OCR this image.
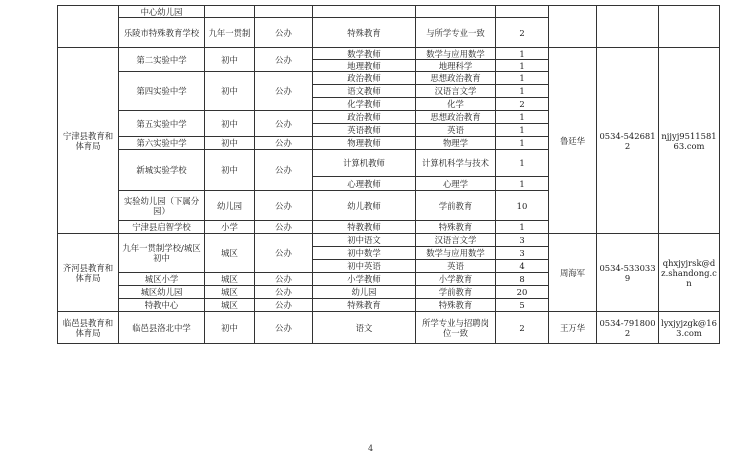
	中心幼儿园								
	乐陵市特殊教育学校	九年一贯制	公办	特殊教育	与所学专业一致	2			
宁津县教育和体育局	第二实验中学	初中	公办	数学教师	数学与应用数学	1	鲁廷华	0534-5426812	njjyj951158163.com
				地理教师	地理科学	1			
	第四实验中学	初中	公办	政治教师	思想政治教育	1			
				语文教师	汉语言文学	1			
				化学教师	化学	2			
	第五实验中学	初中	公办	政治教师	思想政治教育	1			
				英语教师	英语	1			
	第六实验中学	初中	公办	物理教师	物理学	1			
	新城实验学校	初中	公办	计算机教师	计算机科学与技术	1			
				心理教师	心理学	1			
	实验幼儿园（下属分园）	幼儿园	公办	幼儿教师	学前教育	10			
	宁津县启智学校	小学	公办	特教教师	特殊教育	1			
齐河县教育和体育局	九年一贯制学校/城区初中	城区	公办	初中语文	汉语言文学	3	周海军	0534-5330339	qhxjyjrsk@dz.shandong.cn
				初中数学	数学与应用数学	3			
				初中英语	英语	4			
	城区小学	城区	公办	小学教师	小学教育	8			
	城区幼儿园	城区	公办	幼儿园	学前教育	20			
	特教中心	城区	公办	特殊教育	特殊教育	5			
临邑县教育和体育局	临邑县洛北中学	初中	公办	语文	所学专业与招聘岗位一致	2	王万华	0534-7918002	lyxjyjzgk@163.com
4
